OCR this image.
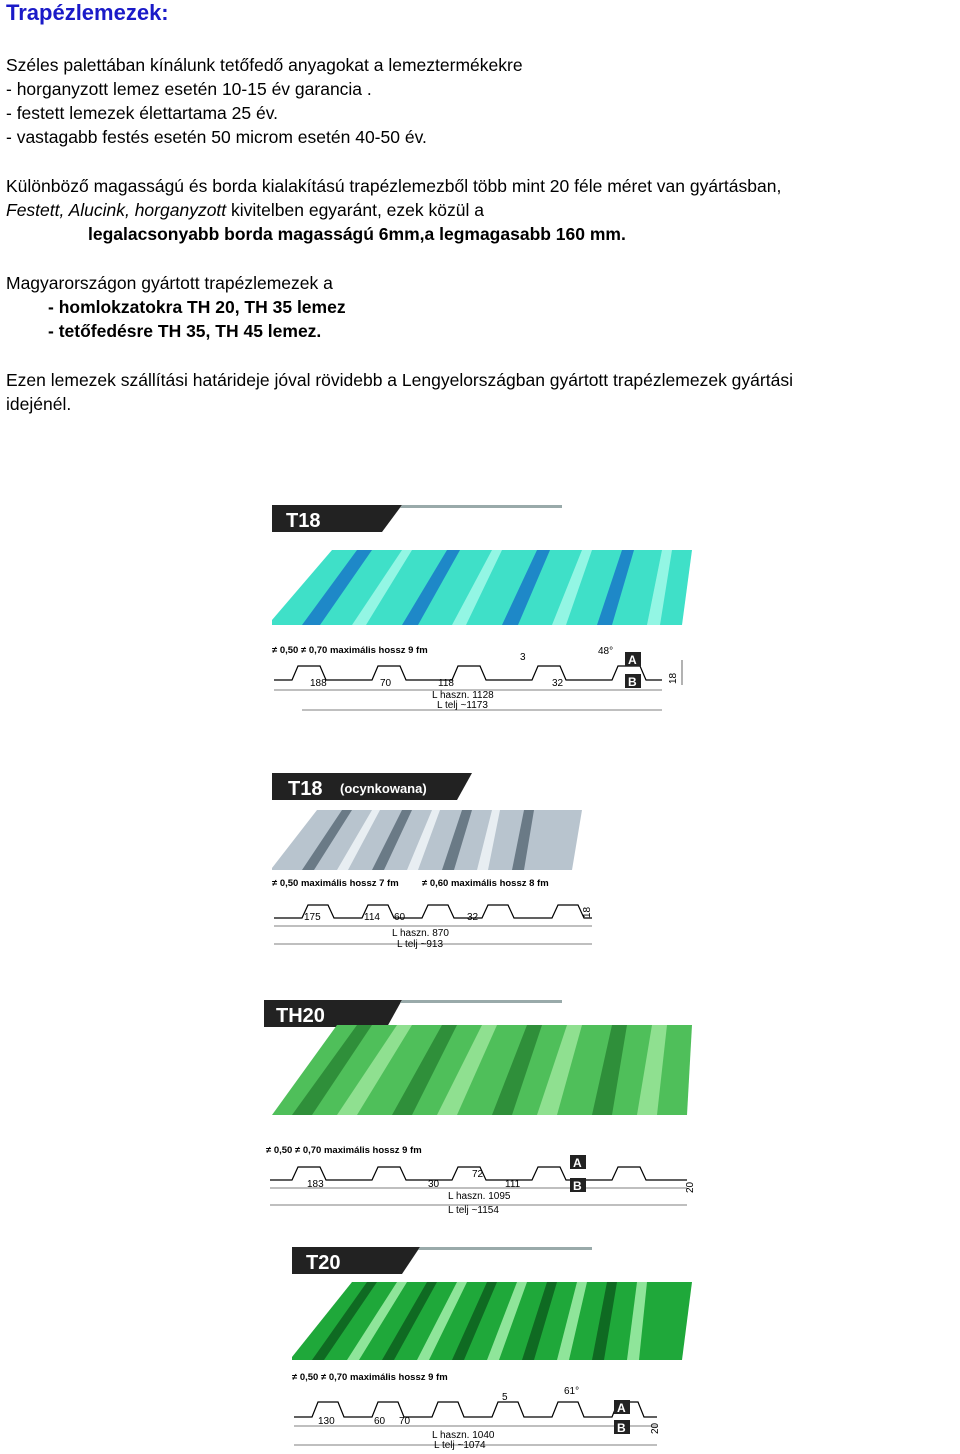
Trapézlemezek:
Széles palettában kínálunk tetőfedő anyagokat a lemeztermékekre
- horganyzott lemez esetén 10-15 év garancia .
- festett lemezek élettartama 25 év.
- vastagabb festés esetén 50 microm esetén 40-50 év.
Különböző magasságú és borda kialakítású trapézlemezből több mint 20 féle méret van gyártásban,
Festett, Alucink, horganyzott kivitelben egyaránt, ezek közül a
legalacsonyabb borda magasságú 6mm,a legmagasabb 160 mm.
Magyarországon gyártott trapézlemezek a
- homlokzatokra TH 20, TH 35 lemez
- tetőfedésre TH 35, TH 45 lemez.
Ezen lemezek szállítási határideje jóval rövidebb a Lengyelországban gyártott trapézlemezek gyártási
idejénél.
T18
≠ 0,50 ≠ 0,70 maximális hossz 9 fm
188	70	118	32
3
48°
L haszn. 1128
L telj ~1173
18
A
B
T18 (ocynkowana)
≠ 0,50 maximális hossz 7 fm ≠ 0,60 maximális hossz 8 fm
175	114 60	32
L haszn. 870
L telj ~913
18
TH20
≠ 0,50 ≠ 0,70 maximális hossz 9 fm
183	30
72
111
L haszn. 1095
L telj ~1154
20
A
B
T20
≠ 0,50 ≠ 0,70 maximális hossz 9 fm
130	60 70
5
61°
L haszn. 1040
L telj ~1074
20
A
B
